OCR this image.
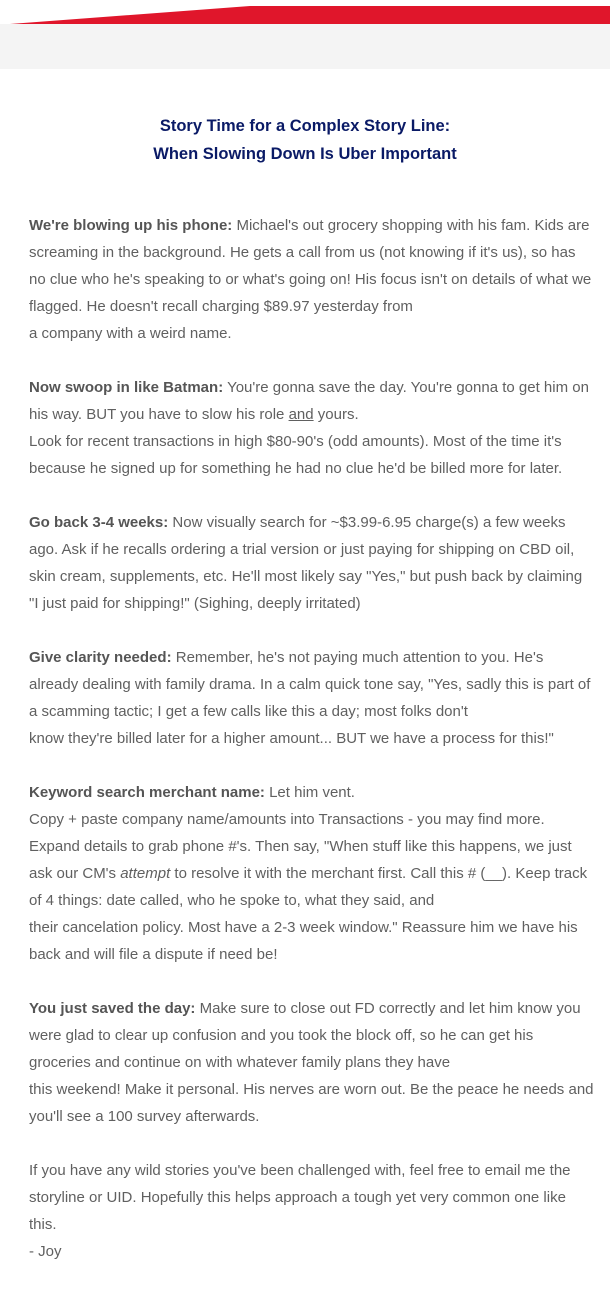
Story Time for a Complex Story Line:
When Slowing Down Is Uber Important
We're blowing up his phone: Michael's out grocery shopping with his fam. Kids are screaming in the background. He gets a call from us (not knowing if it's us), so has no clue who he's speaking to or what's going on! His focus isn't on details of what we flagged. He doesn't recall charging $89.97 yesterday from
a company with a weird name.
Now swoop in like Batman: You're gonna save the day. You're gonna to get him on his way. BUT you have to slow his role and yours.
Look for recent transactions in high $80-90's (odd amounts). Most of the time it's because he signed up for something he had no clue he'd be billed more for later.
Go back 3-4 weeks: Now visually search for ~$3.99-6.95 charge(s) a few weeks ago. Ask if he recalls ordering a trial version or just paying for shipping on CBD oil, skin cream, supplements, etc. He'll most likely say "Yes," but push back by claiming "I just paid for shipping!" (Sighing, deeply irritated)
Give clarity needed: Remember, he's not paying much attention to you. He's already dealing with family drama. In a calm quick tone say, "Yes, sadly this is part of a scamming tactic; I get a few calls like this a day; most folks don't
know they're billed later for a higher amount... BUT we have a process for this!"
Keyword search merchant name: Let him vent.
Copy + paste company name/amounts into Transactions - you may find more.
Expand details to grab phone #'s. Then say, "When stuff like this happens, we just ask our CM's attempt to resolve it with the merchant first. Call this # (__). Keep track of 4 things: date called, who he spoke to, what they said, and
their cancelation policy. Most have a 2-3 week window." Reassure him we have his back and will file a dispute if need be!
You just saved the day: Make sure to close out FD correctly and let him know you were glad to clear up confusion and you took the block off, so he can get his groceries and continue on with whatever family plans they have
this weekend! Make it personal. His nerves are worn out. Be the peace he needs and you'll see a 100 survey afterwards.
If you have any wild stories you've been challenged with, feel free to email me the storyline or UID. Hopefully this helps approach a tough yet very common one like this.
- Joy
